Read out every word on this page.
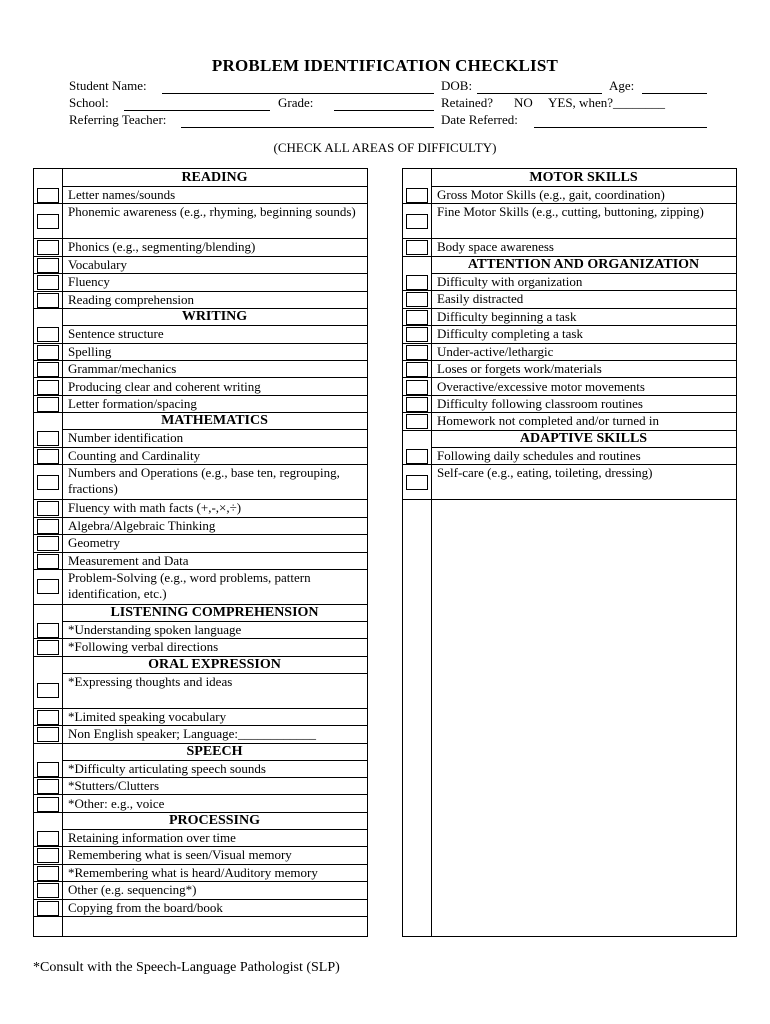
PROBLEM IDENTIFICATION CHECKLIST
Student Name:	DOB:	Age:
School:	Grade:	Retained? NO YES, when?________
Referring Teacher:	Date Referred:
(CHECK ALL AREAS OF DIFFICULTY)
READING
Letter names/sounds
Phonemic awareness (e.g., rhyming, beginning sounds)
Phonics (e.g., segmenting/blending)
Vocabulary
Fluency
Reading comprehension
WRITING
Sentence structure
Spelling
Grammar/mechanics
Producing clear and coherent writing
Letter formation/spacing
MATHEMATICS
Number identification
Counting and Cardinality
Numbers and Operations (e.g., base ten, regrouping, fractions)
Fluency with math facts (+,-,×,÷)
Algebra/Algebraic Thinking
Geometry
Measurement and Data
Problem-Solving (e.g., word problems, pattern identification, etc.)
LISTENING COMPREHENSION
*Understanding spoken language
*Following verbal directions
ORAL EXPRESSION
*Expressing thoughts and ideas
*Limited speaking vocabulary
Non English speaker; Language:____________
SPEECH
*Difficulty articulating speech sounds
*Stutters/Clutters
*Other: e.g., voice
PROCESSING
Retaining information over time
Remembering what is seen/Visual memory
*Remembering what is heard/Auditory memory
Other (e.g. sequencing*)
Copying from the board/book
MOTOR SKILLS
Gross Motor Skills (e.g., gait, coordination)
Fine Motor Skills (e.g., cutting, buttoning, zipping)
Body space awareness
ATTENTION AND ORGANIZATION
Difficulty with organization
Easily distracted
Difficulty beginning a task
Difficulty completing a task
Under-active/lethargic
Loses or forgets work/materials
Overactive/excessive motor movements
Difficulty following classroom routines
Homework not completed and/or turned in
ADAPTIVE SKILLS
Following daily schedules and routines
Self-care (e.g., eating, toileting, dressing)
*Consult with the Speech-Language Pathologist (SLP)
